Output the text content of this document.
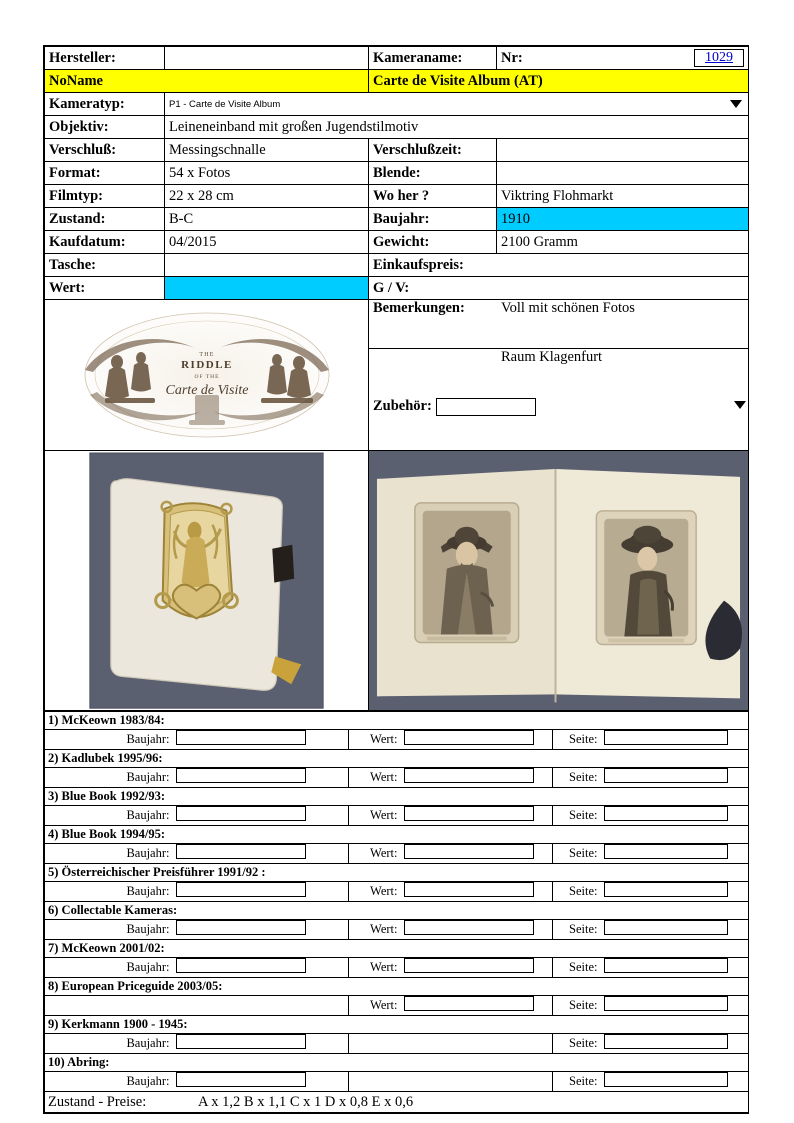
Hersteller:		Kameraname:	Nr:	1029

NoName	Carte de Visite Album (AT)
Kameratyp:	P1 - Carte de Visite Album

Objektiv:	Leineneinband mit großen Jugendstilmotiv
Verschluß:	Messingschnalle	Verschlußzeit:	
Format:	54 x Fotos	Blende:	
Filmtyp:	22 x 28 cm	Wo her ?	Viktring Flohmarkt
Zustand:	B-C	Baujahr:	1910
Kaufdatum:	04/2015	Gewicht:	2100 Gramm
Tasche:		Einkaufspreis:
Wert:		G / V:

THE
RIDDLE
OF THE
Carte de Visite

Bemerkungen:	Voll mit schönen Fotos
	Raum Klagenfurt

Zubehör:

1) McKeown 1983/84:					
Baujahr:		Wert:		Seite:	
2) Kadlubek 1995/96:					
Baujahr:		Wert:		Seite:	
3) Blue Book 1992/93:					
Baujahr:		Wert:		Seite:	
4) Blue Book 1994/95:					
Baujahr:		Wert:		Seite:	
5) Österreichischer Preisführer 1991/92 :					
Baujahr:		Wert:		Seite:	
6) Collectable Kameras:					
Baujahr:		Wert:		Seite:	
7) McKeown 2001/02:					
Baujahr:		Wert:		Seite:	
8) European Priceguide 2003/05:					
		Wert:		Seite:	
9) Kerkmann 1900 - 1945:					
Baujahr:				Seite:	
10) Abring:					
Baujahr:				Seite:	

Zustand - Preise: A x 1,2 B x 1,1 C x 1 D x 0,8 E x 0,6					
